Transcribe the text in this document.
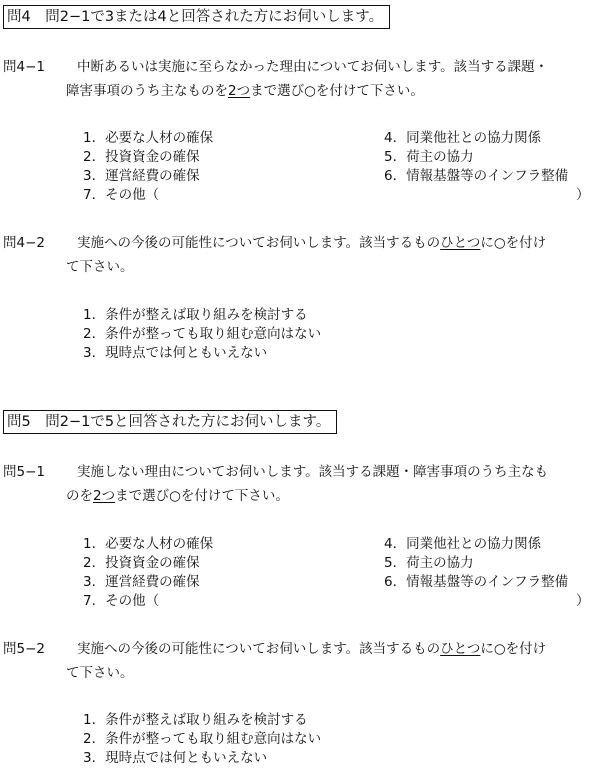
問4　問2−1で3または4と回答された方にお伺いします。
問4−1 中断あるいは実施に至らなかった理由についてお伺いします。該当する課題・
障害事項のうち主なものを2つまで選び○を付けて下さい。
1．必要な人材の確保
2．投資資金の確保
3．運営経費の確保
7．その他（
4．同業他社との協力関係
5．荷主の協力
6．情報基盤等のインフラ整備
）
問4−2 実施への今後の可能性についてお伺いします。該当するものひとつに○を付け
て下さい。
1．条件が整えば取り組みを検討する
2．条件が整っても取り組む意向はない
3．現時点では何ともいえない
問5　問2−1で5と回答された方にお伺いします。
問5−1 実施しない理由についてお伺いします。該当する課題・障害事項のうち主なも
のを2つまで選び○を付けて下さい。
1．必要な人材の確保
2．投資資金の確保
3．運営経費の確保
7．その他（
4．同業他社との協力関係
5．荷主の協力
6．情報基盤等のインフラ整備
）
問5−2 実施への今後の可能性についてお伺いします。該当するものひとつに○を付け
て下さい。
1．条件が整えば取り組みを検討する
2．条件が整っても取り組む意向はない
3．現時点では何ともいえない
